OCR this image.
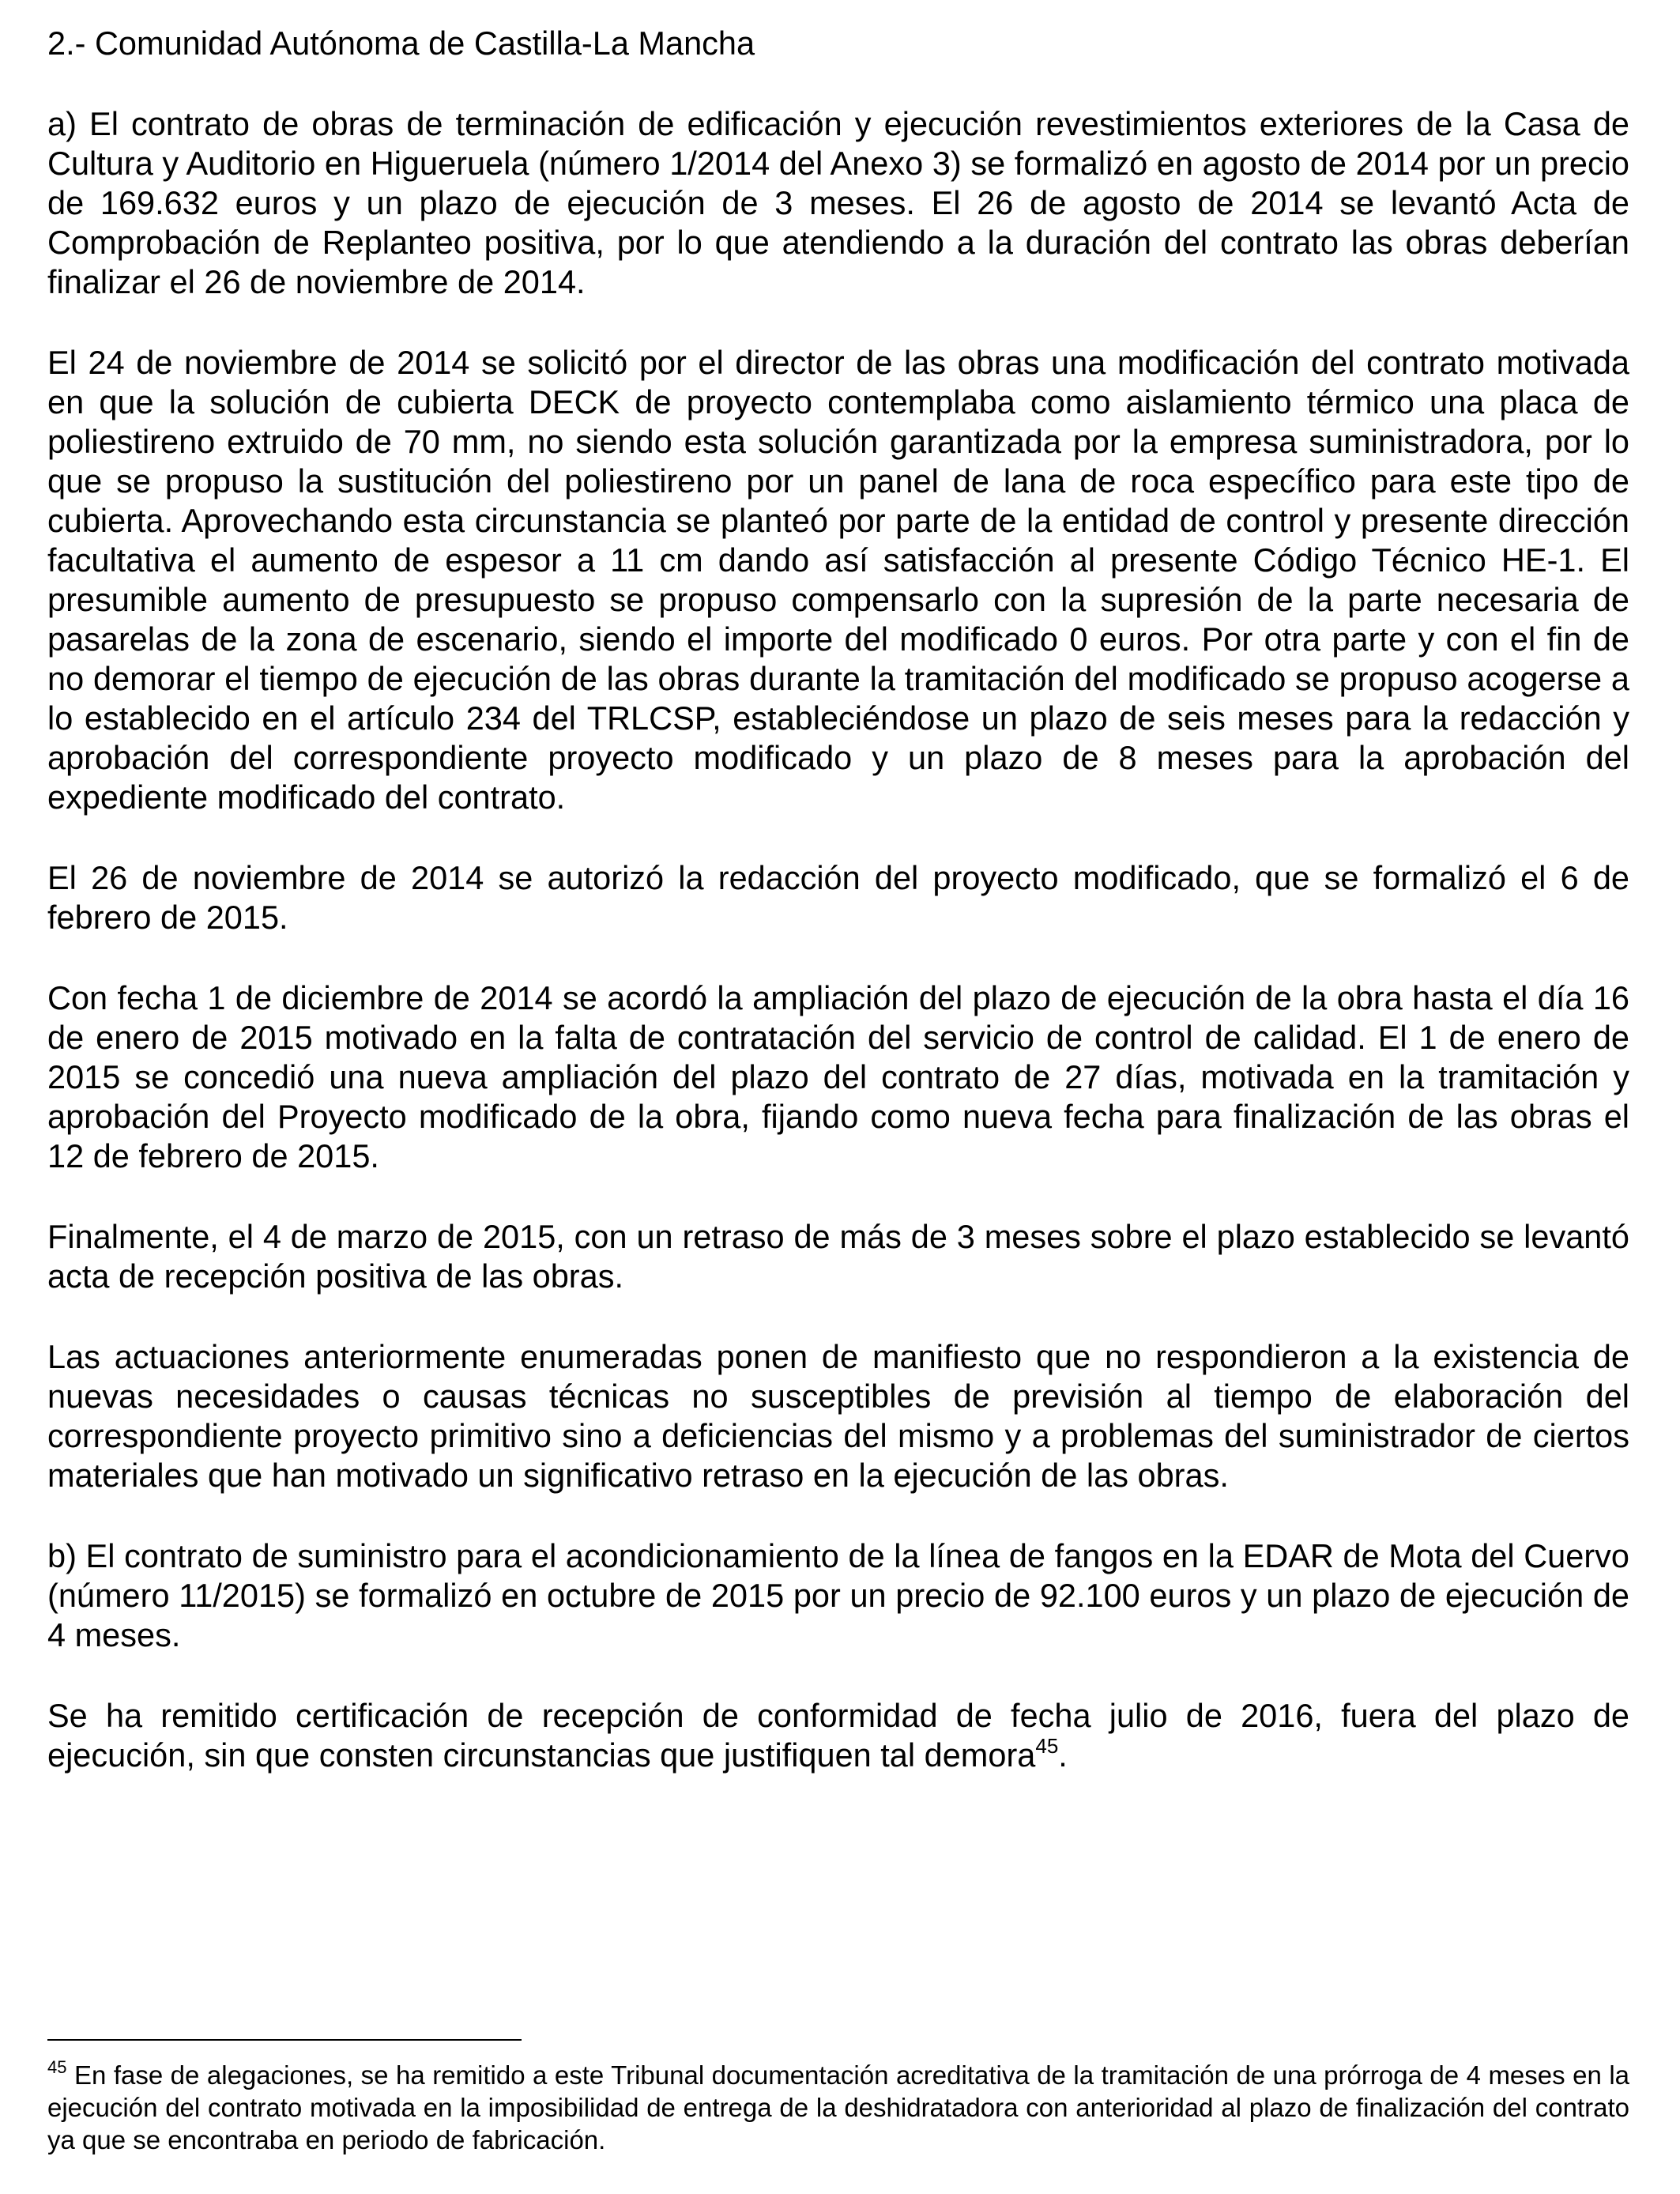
2.- Comunidad Autónoma de Castilla-La Mancha

a) El contrato de obras de terminación de edificación y ejecución revestimientos exteriores de la Casa de Cultura y Auditorio en Higueruela (número 1/2014 del Anexo 3) se formalizó en agosto de 2014 por un precio de 169.632 euros y un plazo de ejecución de 3 meses. El 26 de agosto de 2014 se levantó Acta de Comprobación de Replanteo positiva, por lo que atendiendo a la duración del contrato las obras deberían finalizar el 26 de noviembre de 2014.

El 24 de noviembre de 2014 se solicitó por el director de las obras una modificación del contrato motivada en que la solución de cubierta DECK de proyecto contemplaba como aislamiento térmico una placa de poliestireno extruido de 70 mm, no siendo esta solución garantizada por la empresa suministradora, por lo que se propuso la sustitución del poliestireno por un panel de lana de roca específico para este tipo de cubierta. Aprovechando esta circunstancia se planteó por parte de la entidad de control y presente dirección facultativa el aumento de espesor a 11 cm dando así satisfacción al presente Código Técnico HE-1. El presumible aumento de presupuesto se propuso compensarlo con la supresión de la parte necesaria de pasarelas de la zona de escenario, siendo el importe del modificado 0 euros. Por otra parte y con el fin de no demorar el tiempo de ejecución de las obras durante la tramitación del modificado se propuso acogerse a lo establecido en el artículo 234 del TRLCSP, estableciéndose un plazo de seis meses para la redacción y aprobación del correspondiente proyecto modificado y un plazo de 8 meses para la aprobación del expediente modificado del contrato.

El 26 de noviembre de 2014 se autorizó la redacción del proyecto modificado, que se formalizó el 6 de febrero de 2015.

Con fecha 1 de diciembre de 2014 se acordó la ampliación del plazo de ejecución de la obra hasta el día 16 de enero de 2015 motivado en la falta de contratación del servicio de control de calidad. El 1 de enero de 2015 se concedió una nueva ampliación del plazo del contrato de 27 días, motivada en la tramitación y aprobación del Proyecto modificado de la obra, fijando como nueva fecha para finalización de las obras el 12 de febrero de 2015.

Finalmente, el 4 de marzo de 2015, con un retraso de más de 3 meses sobre el plazo establecido se levantó acta de recepción positiva de las obras.

Las actuaciones anteriormente enumeradas ponen de manifiesto que no respondieron a la existencia de nuevas necesidades o causas técnicas no susceptibles de previsión al tiempo de elaboración del correspondiente proyecto primitivo sino a deficiencias del mismo y a problemas del suministrador de ciertos materiales que han motivado un significativo retraso en la ejecución de las obras.

b) El contrato de suministro para el acondicionamiento de la línea de fangos en la EDAR de Mota del Cuervo (número 11/2015) se formalizó en octubre de 2015 por un precio de 92.100 euros y un plazo de ejecución de 4 meses.

Se ha remitido certificación de recepción de conformidad de fecha julio de 2016, fuera del plazo de ejecución, sin que consten circunstancias que justifiquen tal demora$^{45}$.

$^{45}$ En fase de alegaciones, se ha remitido a este Tribunal documentación acreditativa de la tramitación de una prórroga de 4 meses en la ejecución del contrato motivada en la imposibilidad de entrega de la deshidratadora con anterioridad al plazo de finalización del contrato ya que se encontraba en periodo de fabricación.
